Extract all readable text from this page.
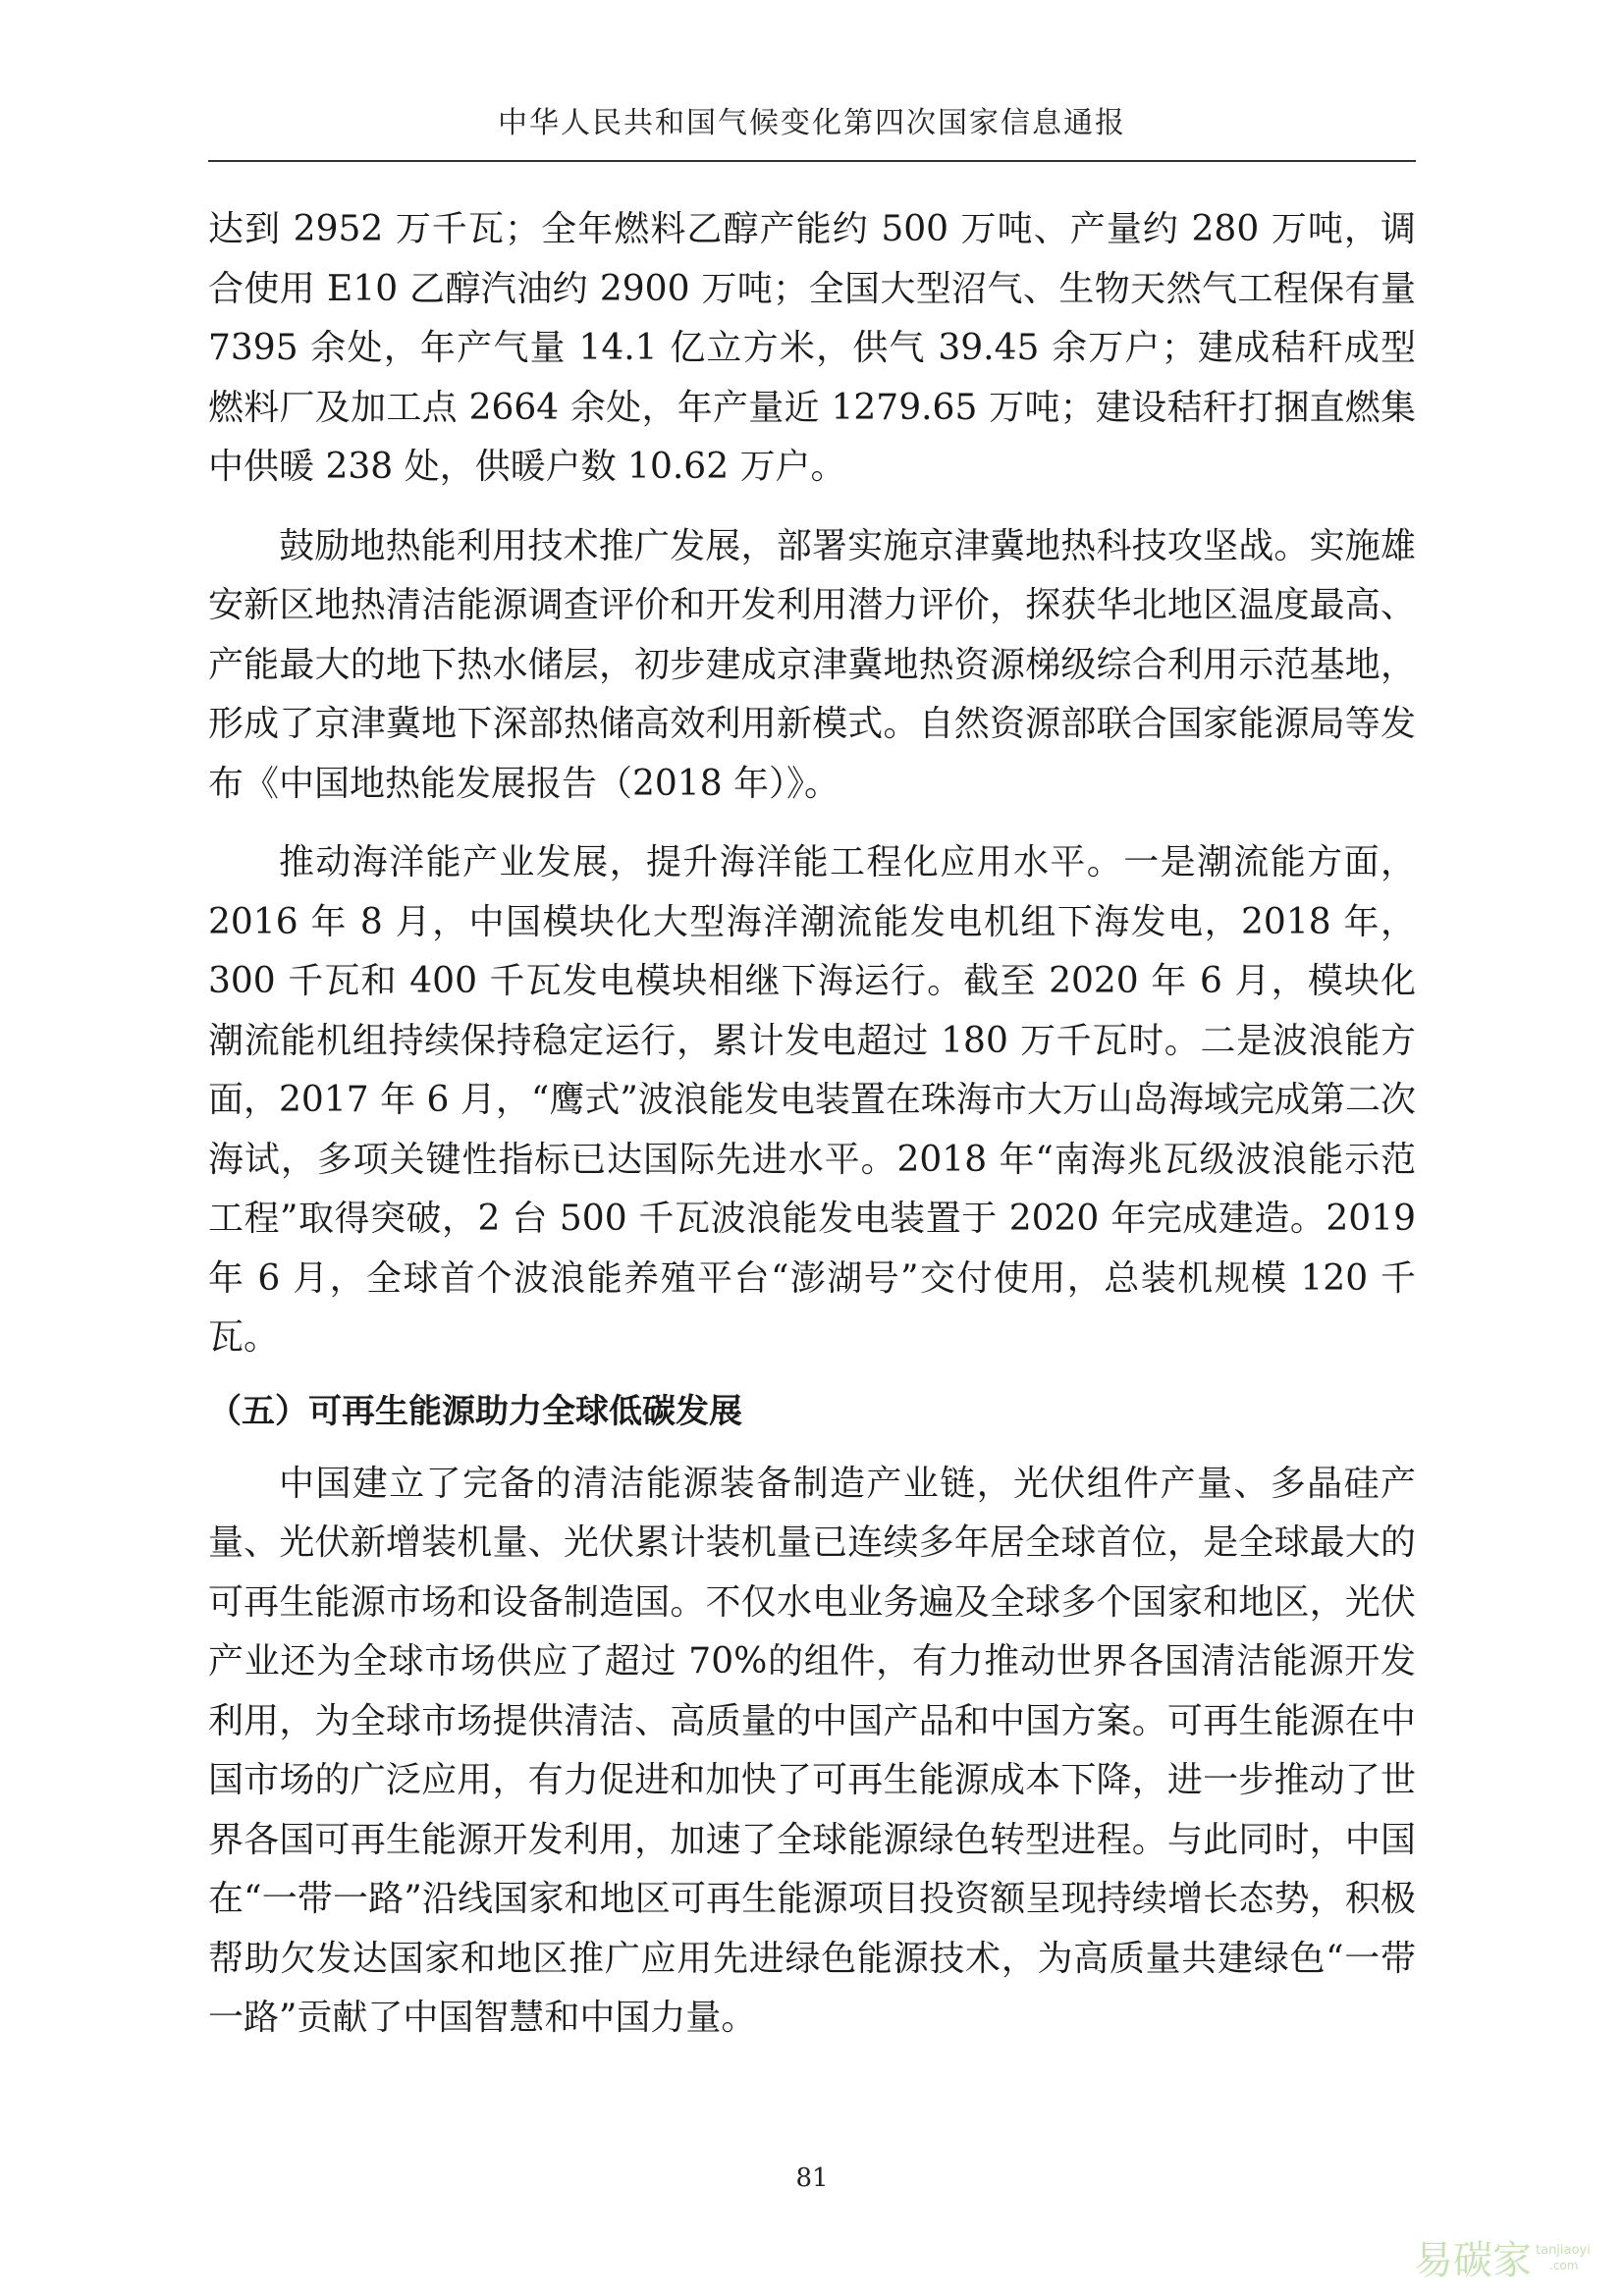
中华人民共和国气候变化第四次国家信息通报

达到 2952 万千瓦；全年燃料乙醇产能约 500 万吨、产量约 280 万吨，调合使用 E10 乙醇汽油约 2900 万吨；全国大型沼气、生物天然气工程保有量 7395 余处，年产气量 14.1 亿立方米，供气 39.45 余万户；建成秸秆成型燃料厂及加工点 2664 余处，年产量近 1279.65 万吨；建设秸秆打捆直燃集中供暖 238 处，供暖户数 10.62 万户。

鼓励地热能利用技术推广发展，部署实施京津冀地热科技攻坚战。实施雄安新区地热清洁能源调查评价和开发利用潜力评价，探获华北地区温度最高、产能最大的地下热水储层，初步建成京津冀地热资源梯级综合利用示范基地，形成了京津冀地下深部热储高效利用新模式。自然资源部联合国家能源局等发布《中国地热能发展报告（2018 年）》。

推动海洋能产业发展，提升海洋能工程化应用水平。一是潮流能方面，2016 年 8 月，中国模块化大型海洋潮流能发电机组下海发电，2018 年，300 千瓦和 400 千瓦发电模块相继下海运行。截至 2020 年 6 月，模块化潮流能机组持续保持稳定运行，累计发电超过 180 万千瓦时。二是波浪能方面，2017 年 6 月，“鹰式”波浪能发电装置在珠海市大万山岛海域完成第二次海试，多项关键性指标已达国际先进水平。2018 年“南海兆瓦级波浪能示范工程”取得突破，2 台 500 千瓦波浪能发电装置于 2020 年完成建造。2019 年 6 月，全球首个波浪能养殖平台“澎湖号”交付使用，总装机规模 120 千瓦。

（五）可再生能源助力全球低碳发展

中国建立了完备的清洁能源装备制造产业链，光伏组件产量、多晶硅产量、光伏新增装机量、光伏累计装机量已连续多年居全球首位，是全球最大的可再生能源市场和设备制造国。不仅水电业务遍及全球多个国家和地区，光伏产业还为全球市场供应了超过 70%的组件，有力推动世界各国清洁能源开发利用，为全球市场提供清洁、高质量的中国产品和中国方案。可再生能源在中国市场的广泛应用，有力促进和加快了可再生能源成本下降，进一步推动了世界各国可再生能源开发利用，加速了全球能源绿色转型进程。与此同时，中国在“一带一路”沿线国家和地区可再生能源项目投资额呈现持续增长态势，积极帮助欠发达国家和地区推广应用先进绿色能源技术，为高质量共建绿色“一带一路”贡献了中国智慧和中国力量。

81
易碳家 tanjiaoyi
.com
